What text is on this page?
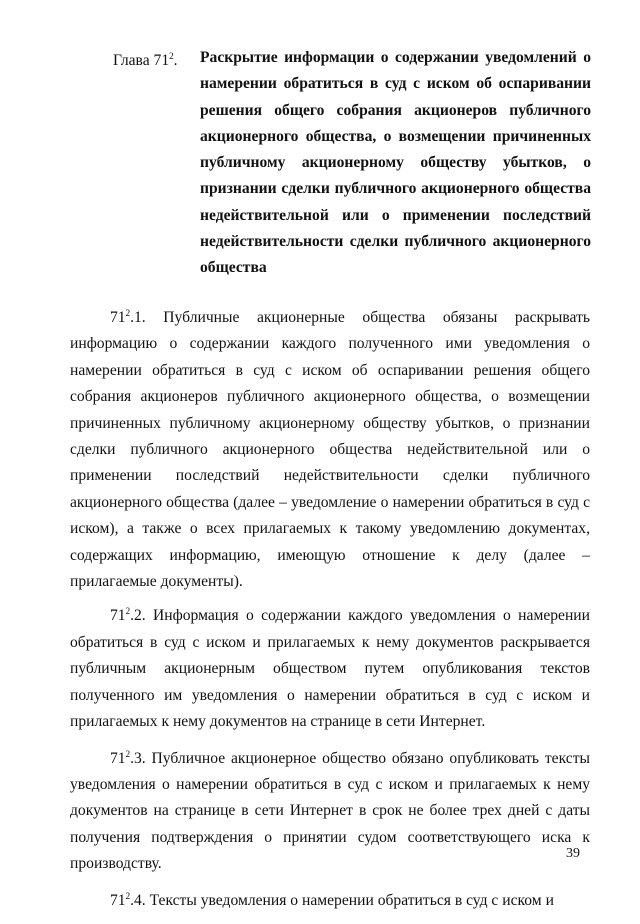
Глава $71^2$. Раскрытие информации о содержании уведомлений о намерении обратиться в суд с иском об оспаривании решения общего собрания акционеров публичного акционерного общества, о возмещении причиненных публичному акционерному обществу убытков, о признании сделки публичного акционерного общества недействительной или о применении последствий недействительности сделки публичного акционерного общества

$71^2.1$. Публичные акционерные общества обязаны раскрывать информацию о содержании каждого полученного ими уведомления о намерении обратиться в суд с иском об оспаривании решения общего собрания акционеров публичного акционерного общества, о возмещении причиненных публичному акционерному обществу убытков, о признании сделки публичного акционерного общества недействительной или о применении последствий недействительности сделки публичного акционерного общества (далее – уведомление о намерении обратиться в суд с иском), а также о всех прилагаемых к такому уведомлению документах, содержащих информацию, имеющую отношение к делу (далее – прилагаемые документы).

$71^2.2$. Информация о содержании каждого уведомления о намерении обратиться в суд с иском и прилагаемых к нему документов раскрывается публичным акционерным обществом путем опубликования текстов полученного им уведомления о намерении обратиться в суд с иском и прилагаемых к нему документов на странице в сети Интернет.

$71^2.3$. Публичное акционерное общество обязано опубликовать тексты уведомления о намерении обратиться в суд с иском и прилагаемых к нему документов на странице в сети Интернет в срок не более трех дней с даты получения подтверждения о принятии судом соответствующего иска к производству.

$71^2.4$. Тексты уведомления о намерении обратиться в суд с иском и

39
